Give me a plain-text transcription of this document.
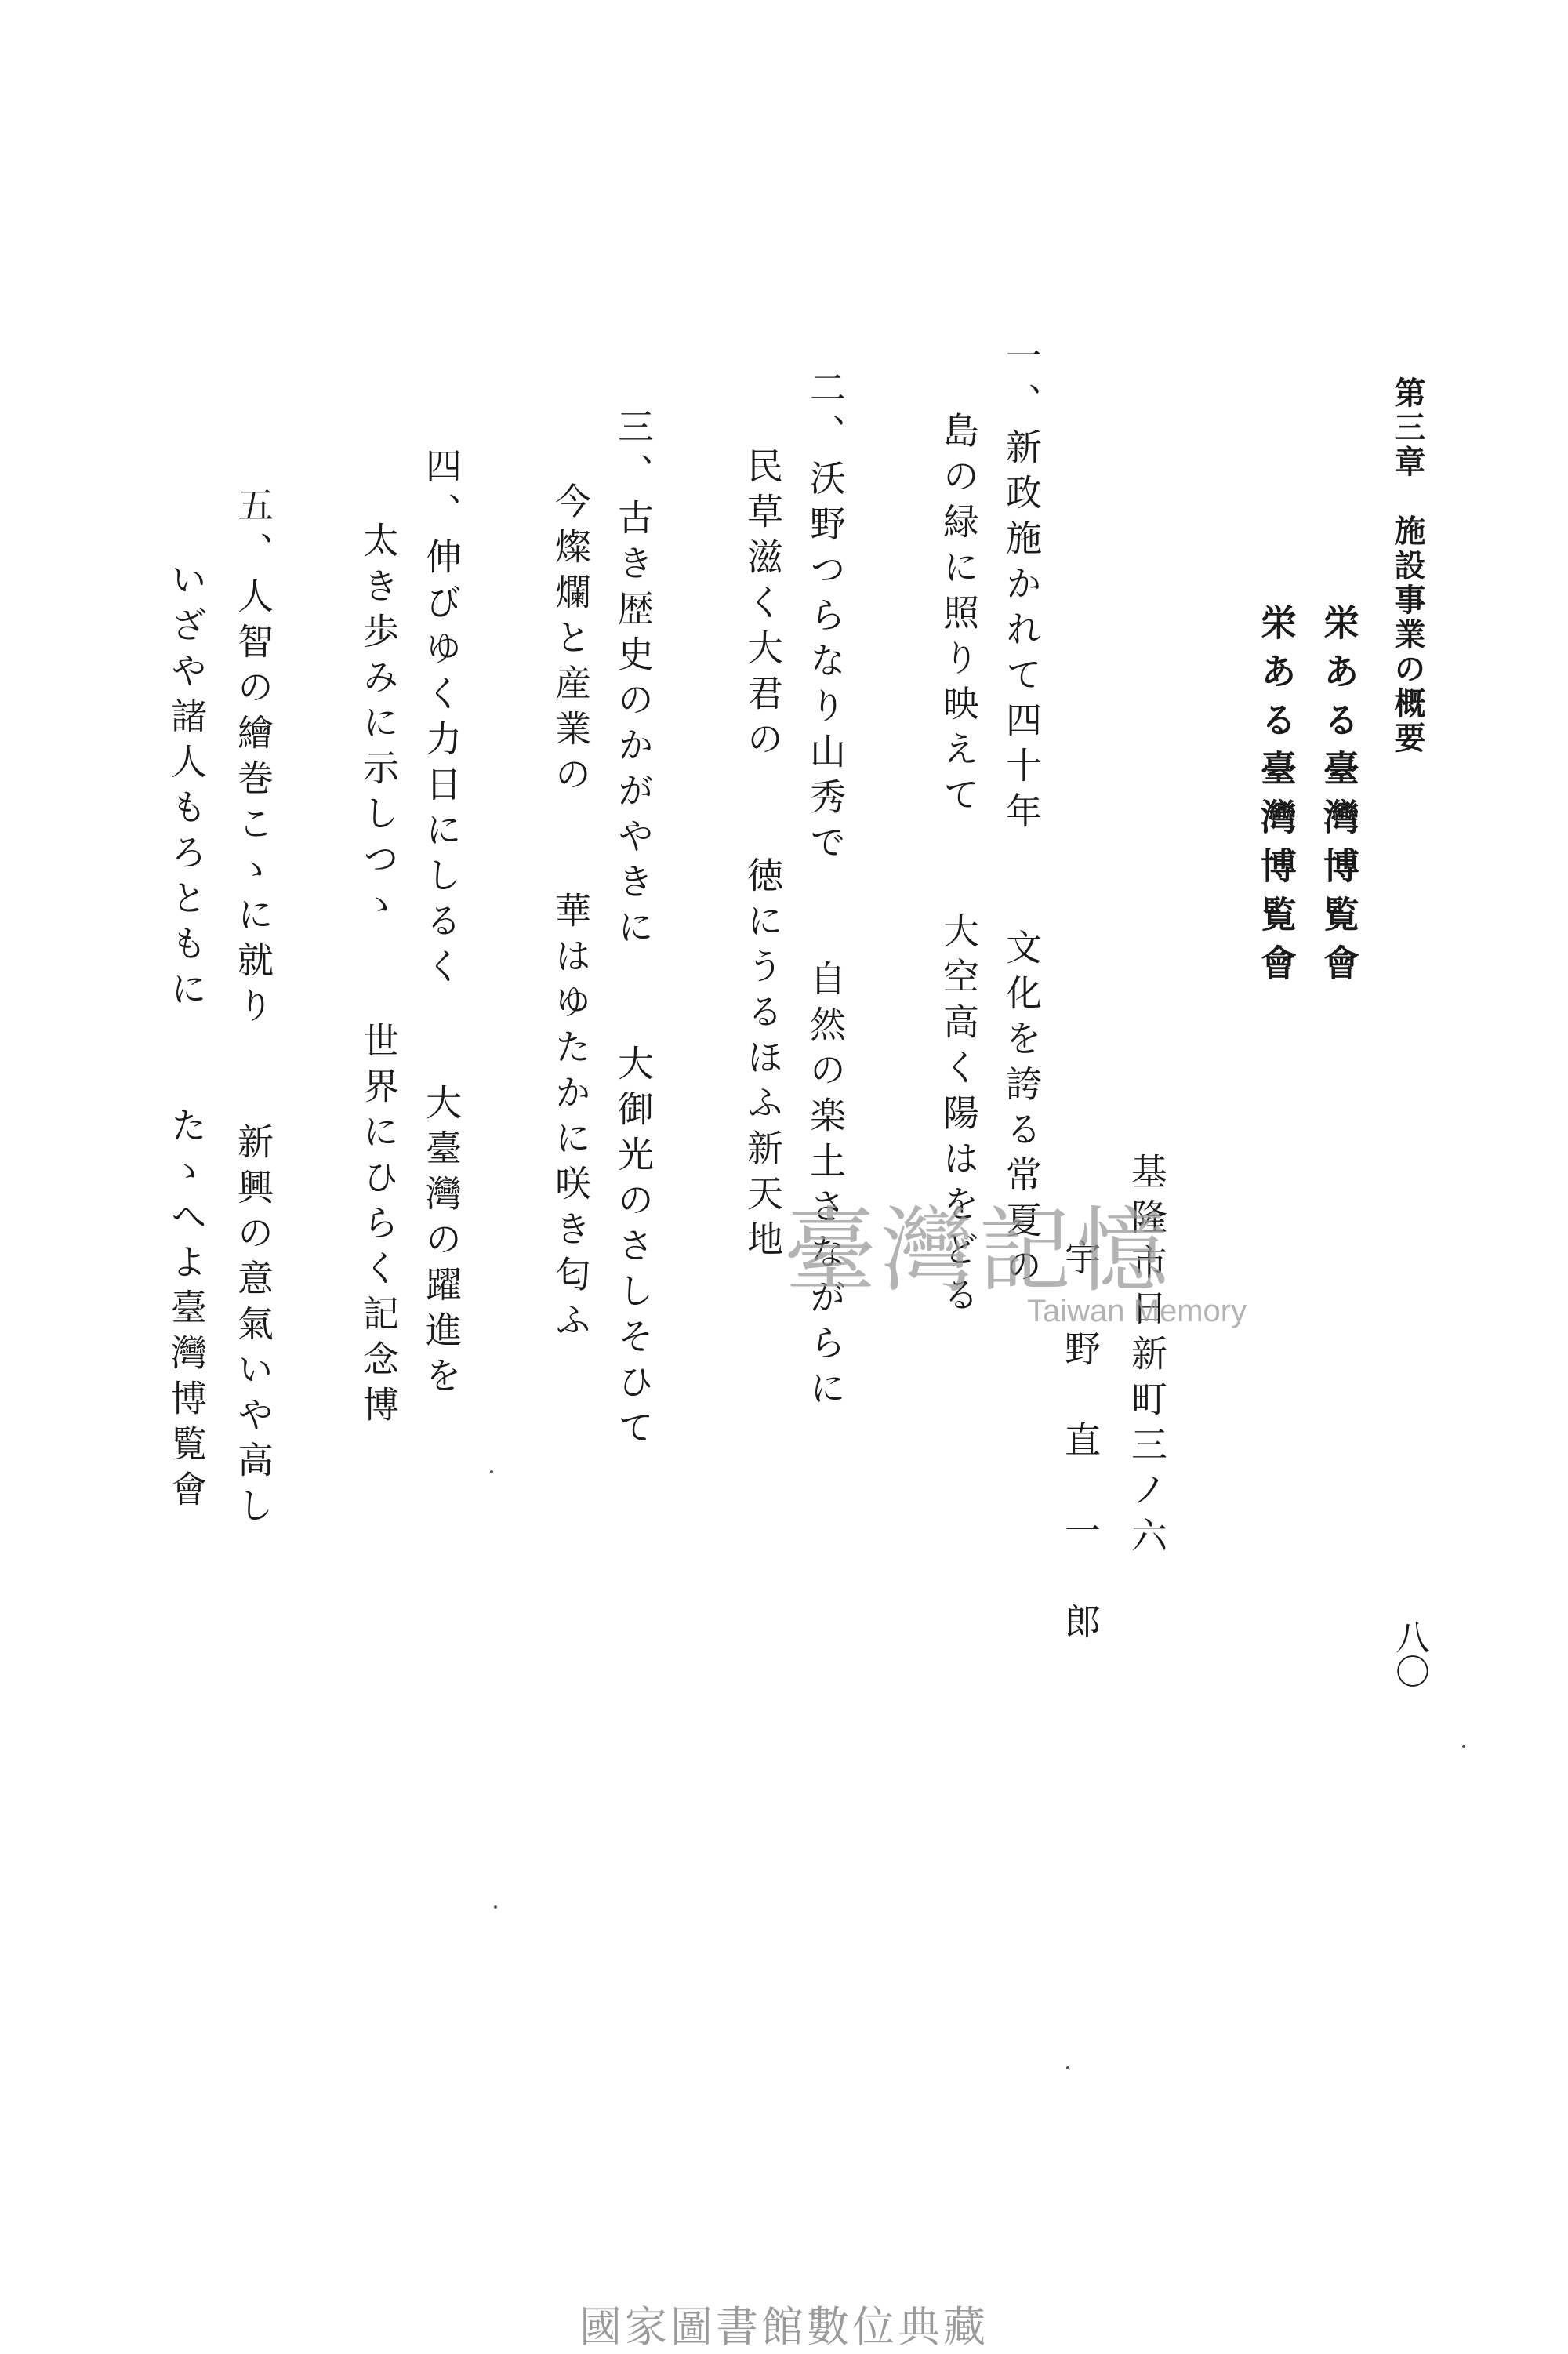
第三章　施設事業の概要
八〇
栄ある臺灣博覧會
栄ある臺灣博覧會
基隆市日新町三ノ六
宇　野　直　一　郎
一、新政施かれて四十年　　文化を誇る常夏の
島の緑に照り映えて　　大空高く陽はをどる
二、沃野つらなり山秀で　　自然の楽土さながらに
民草滋く大君の　　徳にうるほふ新天地
三、古き歴史のかがやきに　　大御光のさしそひて
今燦爛と産業の　　華はゆたかに咲き匂ふ
四、伸びゆく力日にしるく　　大臺灣の躍進を
太き歩みに示しつゝ　　世界にひらく記念博
五、人智の繪巻こゝに就り　　新興の意氣いや高し
いざや諸人もろともに　　たゝへよ臺灣博覧會	臺灣記憶
Taiwan Memory
國家圖書館數位典藏
